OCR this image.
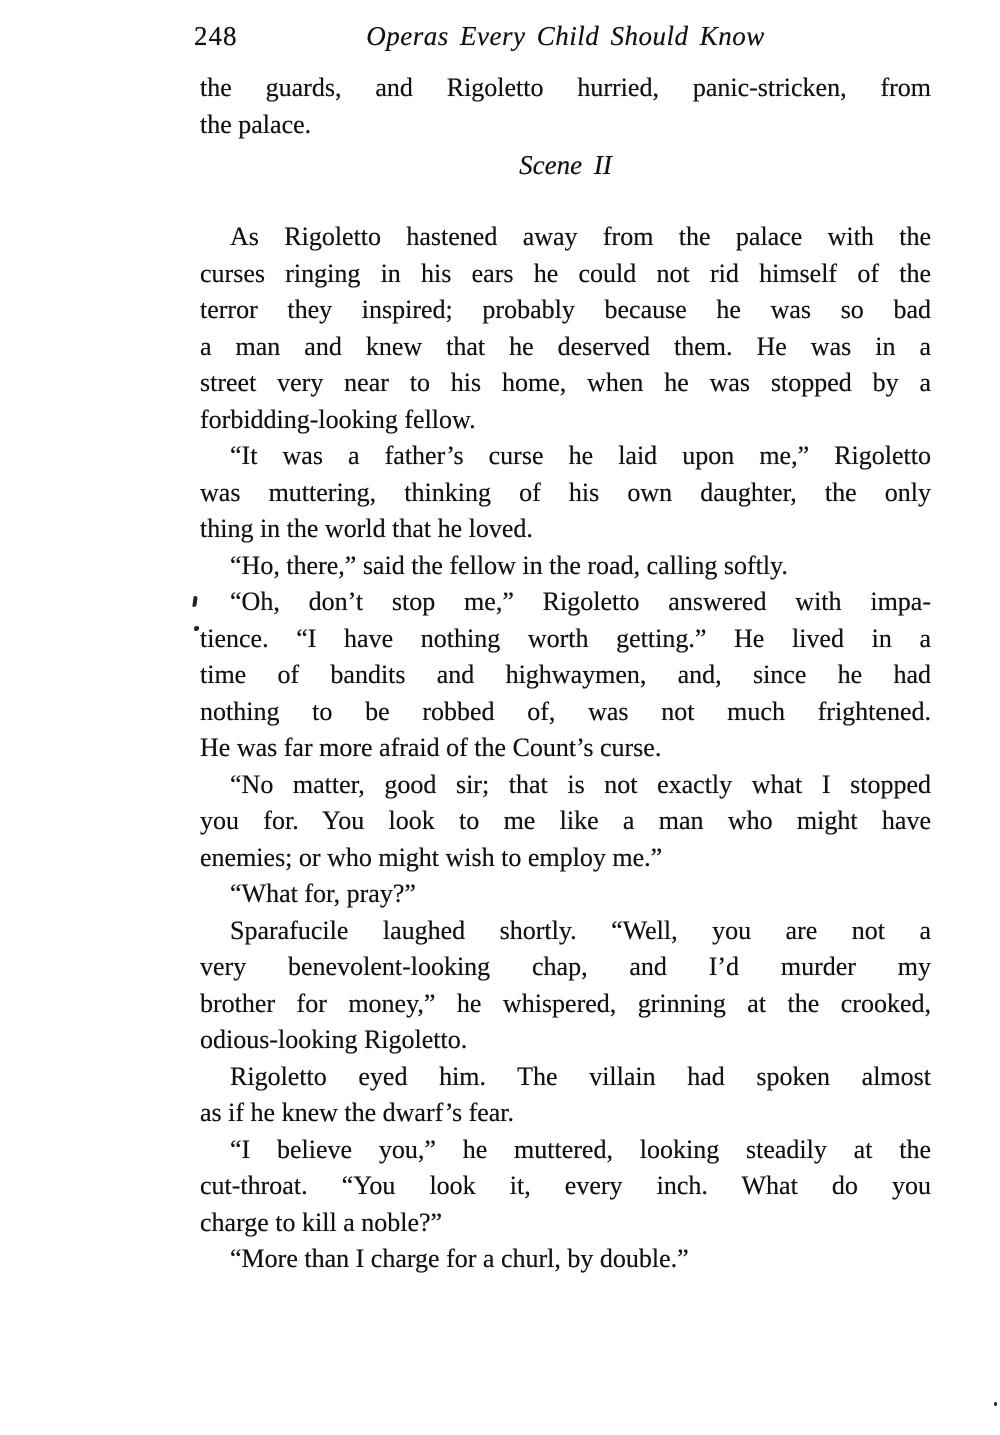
248	Operas Every Child Should Know
the guards, and Rigoletto hurried, panic-stricken, from
the palace.
Scene II
As Rigoletto hastened away from the palace with the
curses ringing in his ears he could not rid himself of the
terror they inspired; probably because he was so bad
a man and knew that he deserved them. He was in a
street very near to his home, when he was stopped by a
forbidding-looking fellow.
“It was a father’s curse he laid upon me,” Rigoletto
was muttering, thinking of his own daughter, the only
thing in the world that he loved.
“Ho, there,” said the fellow in the road, calling softly.
“Oh, don’t stop me,” Rigoletto answered with impa-
tience. “I have nothing worth getting.” He lived in a
time of bandits and highwaymen, and, since he had
nothing to be robbed of, was not much frightened.
He was far more afraid of the Count’s curse.
“No matter, good sir; that is not exactly what I stopped
you for. You look to me like a man who might have
enemies; or who might wish to employ me.”
“What for, pray?”
Sparafucile laughed shortly. “Well, you are not a
very benevolent-looking chap, and I’d murder my
brother for money,” he whispered, grinning at the crooked,
odious-looking Rigoletto.
Rigoletto eyed him. The villain had spoken almost
as if he knew the dwarf’s fear.
“I believe you,” he muttered, looking steadily at the
cut-throat. “You look it, every inch. What do you
charge to kill a noble?”
“More than I charge for a churl, by double.”
